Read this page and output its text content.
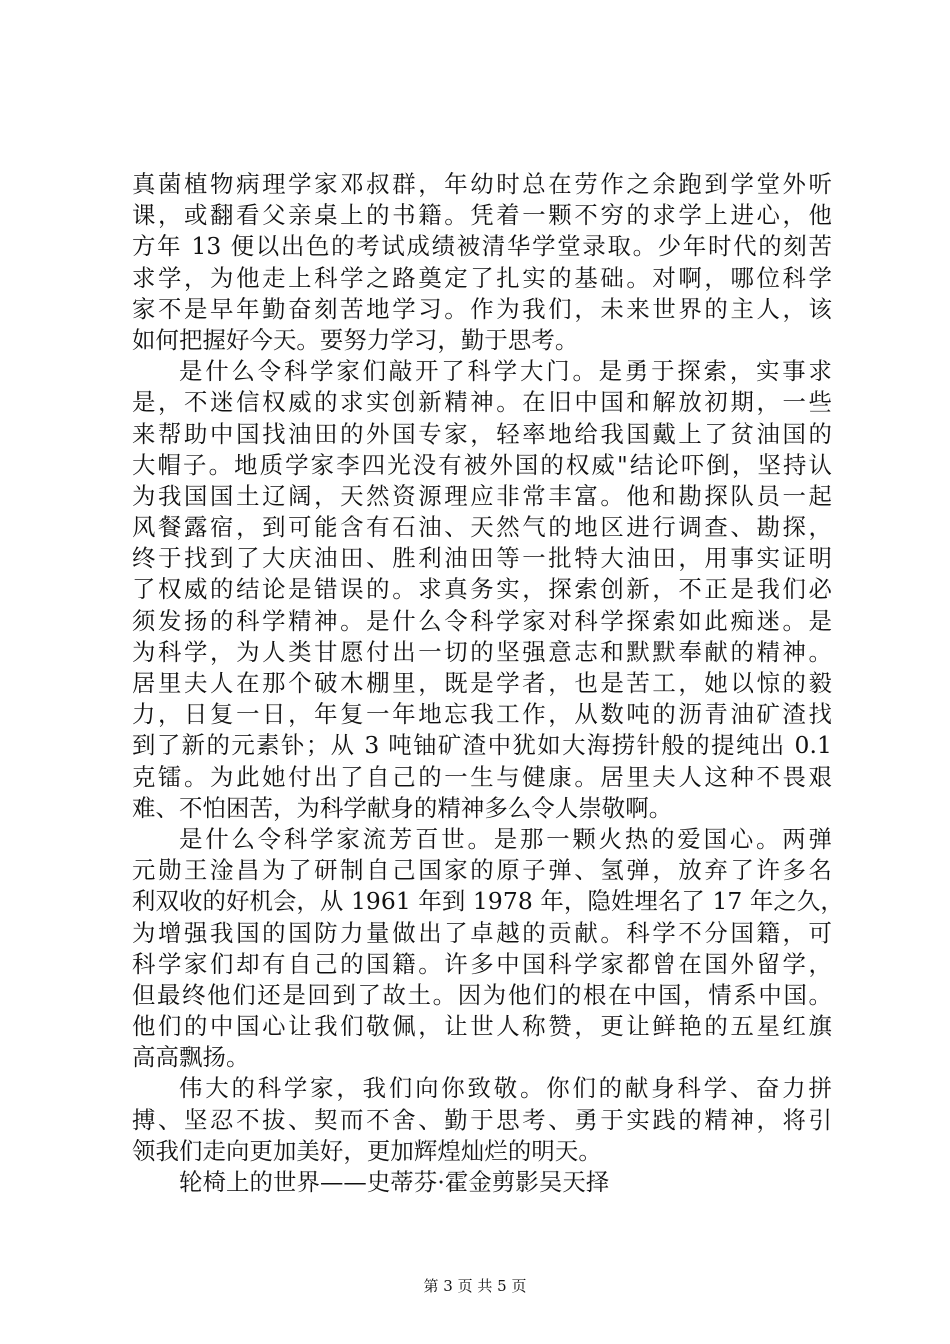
真菌植物病理学家邓叔群，年幼时总在劳作之余跑到学堂外听
课，或翻看父亲桌上的书籍。凭着一颗不穷的求学上进心，他
方年 13 便以出色的考试成绩被清华学堂录取。少年时代的刻苦
求学，为他走上科学之路奠定了扎实的基础。对啊，哪位科学
家不是早年勤奋刻苦地学习。作为我们，未来世界的主人，该
如何把握好今天。要努力学习，勤于思考。
是什么令科学家们敲开了科学大门。是勇于探索，实事求
是，不迷信权威的求实创新精神。在旧中国和解放初期，一些
来帮助中国找油田的外国专家，轻率地给我国戴上了贫油国的
大帽子。地质学家李四光没有被外国的权威"结论吓倒，坚持认
为我国国土辽阔，天然资源理应非常丰富。他和勘探队员一起
风餐露宿，到可能含有石油、天然气的地区进行调查、勘探，
终于找到了大庆油田、胜利油田等一批特大油田，用事实证明
了权威的结论是错误的。求真务实，探索创新，不正是我们必
须发扬的科学精神。是什么令科学家对科学探索如此痴迷。是
为科学，为人类甘愿付出一切的坚强意志和默默奉献的精神。
居里夫人在那个破木棚里，既是学者，也是苦工，她以惊的毅
力，日复一日，年复一年地忘我工作，从数吨的沥青油矿渣找
到了新的元素钋；从 3 吨铀矿渣中犹如大海捞针般的提纯出 0.1
克镭。为此她付出了自己的一生与健康。居里夫人这种不畏艰
难、不怕困苦，为科学献身的精神多么令人崇敬啊。
是什么令科学家流芳百世。是那一颗火热的爱国心。两弹
元勋王淦昌为了研制自己国家的原子弹、氢弹，放弃了许多名
利双收的好机会，从 1961 年到 1978 年，隐姓埋名了 17 年之久，
为增强我国的国防力量做出了卓越的贡献。科学不分国籍，可
科学家们却有自己的国籍。许多中国科学家都曾在国外留学，
但最终他们还是回到了故土。因为他们的根在中国，情系中国。
他们的中国心让我们敬佩，让世人称赞，更让鲜艳的五星红旗
高高飘扬。
伟大的科学家，我们向你致敬。你们的献身科学、奋力拼
搏、坚忍不拔、契而不舍、勤于思考、勇于实践的精神，将引
领我们走向更加美好，更加辉煌灿烂的明天。
轮椅上的世界——史蒂芬·霍金剪影吴天择
第 3 页 共 5 页
